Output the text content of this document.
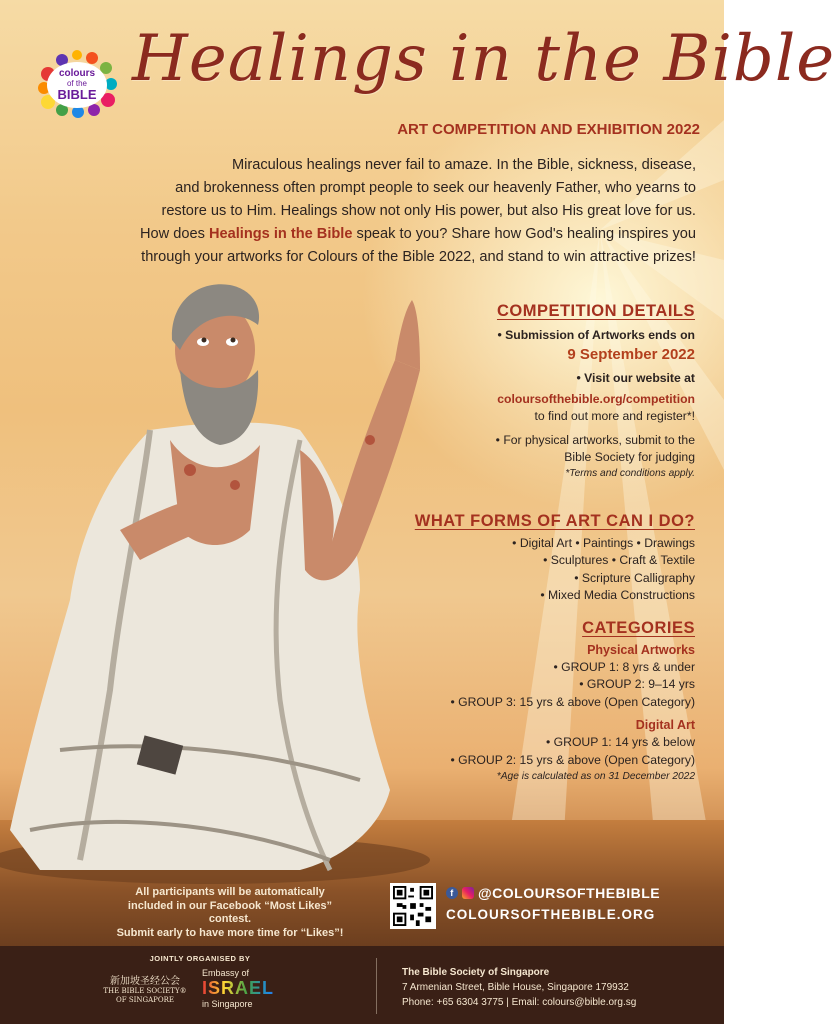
colours
of the
BIBLE Healings in the Bible
ART COMPETITION AND EXHIBITION 2022
Miraculous healings never fail to amaze. In the Bible, sickness, disease,
and brokenness often prompt people to seek our heavenly Father, who yearns to
restore us to Him. Healings show not only His power, but also His great love for us.
How does Healings in the Bible speak to you? Share how God's healing inspires you
through your artworks for Colours of the Bible 2022, and stand to win attractive prizes!
COMPETITION DETAILS
• Submission of Artworks ends on
9 September 2022
• Visit our website at
coloursofthebible.org/competition
to find out more and register*!
• For physical artworks, submit to the
Bible Society for judging
*Terms and conditions apply.
WHAT FORMS OF ART CAN I DO?
• Digital Art • Paintings • Drawings
• Sculptures • Craft & Textile
• Scripture Calligraphy
• Mixed Media Constructions
CATEGORIES
Physical Artworks
• GROUP 1: 8 yrs & under
• GROUP 2: 9–14 yrs
• GROUP 3: 15 yrs & above (Open Category)
Digital Art
• GROUP 1: 14 yrs & below
• GROUP 2: 15 yrs & above (Open Category)
*Age is calculated as on 31 December 2022
All participants will be automatically
included in our Facebook “Most Likes” contest.
Submit early to have more time for “Likes”!
f	@COLOURSOFTHEBIBLE
COLOURSOFTHEBIBLE.ORG
JOINTLY ORGANISED BY
新加坡圣经公会
THE BIBLE SOCIETY®
OF SINGAPORE
Embassy of
ISRAEL
in Singapore
The Bible Society of Singapore
7 Armenian Street, Bible House, Singapore 179932
Phone: +65 6304 3775 | Email: colours@bible.org.sg
